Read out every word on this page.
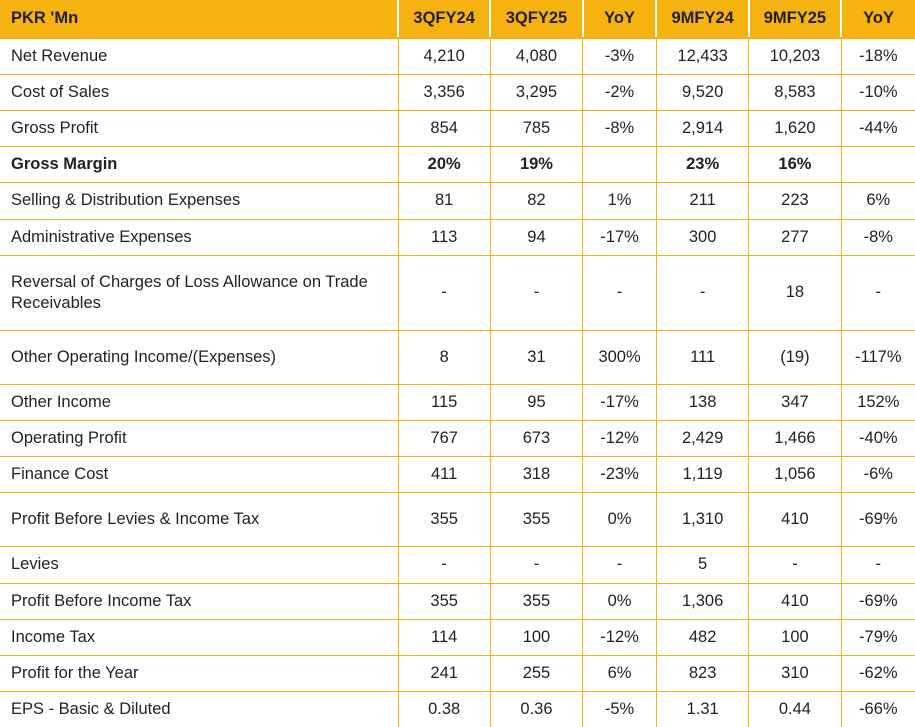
PKR 'Mn	3QFY24	3QFY25	YoY	9MFY24	9MFY25	YoY
Net Revenue	4,210	4,080	-3%	12,433	10,203	-18%
Cost of Sales	3,356	3,295	-2%	9,520	8,583	-10%
Gross Profit	854	785	-8%	2,914	1,620	-44%
Gross Margin	20%	19%		23%	16%	
Selling & Distribution Expenses	81	82	1%	211	223	6%
Administrative Expenses	113	94	-17%	300	277	-8%
Reversal of Charges of Loss Allowance on Trade Receivables	-	-	-	-	18	-
Other Operating Income/(Expenses)	8	31	300%	111	(19)	-117%
Other Income	115	95	-17%	138	347	152%
Operating Profit	767	673	-12%	2,429	1,466	-40%
Finance Cost	411	318	-23%	1,119	1,056	-6%
Profit Before Levies & Income Tax	355	355	0%	1,310	410	-69%
Levies	-	-	-	5	-	-
Profit Before Income Tax	355	355	0%	1,306	410	-69%
Income Tax	114	100	-12%	482	100	-79%
Profit for the Year	241	255	6%	823	310	-62%
EPS - Basic & Diluted	0.38	0.36	-5%	1.31	0.44	-66%
